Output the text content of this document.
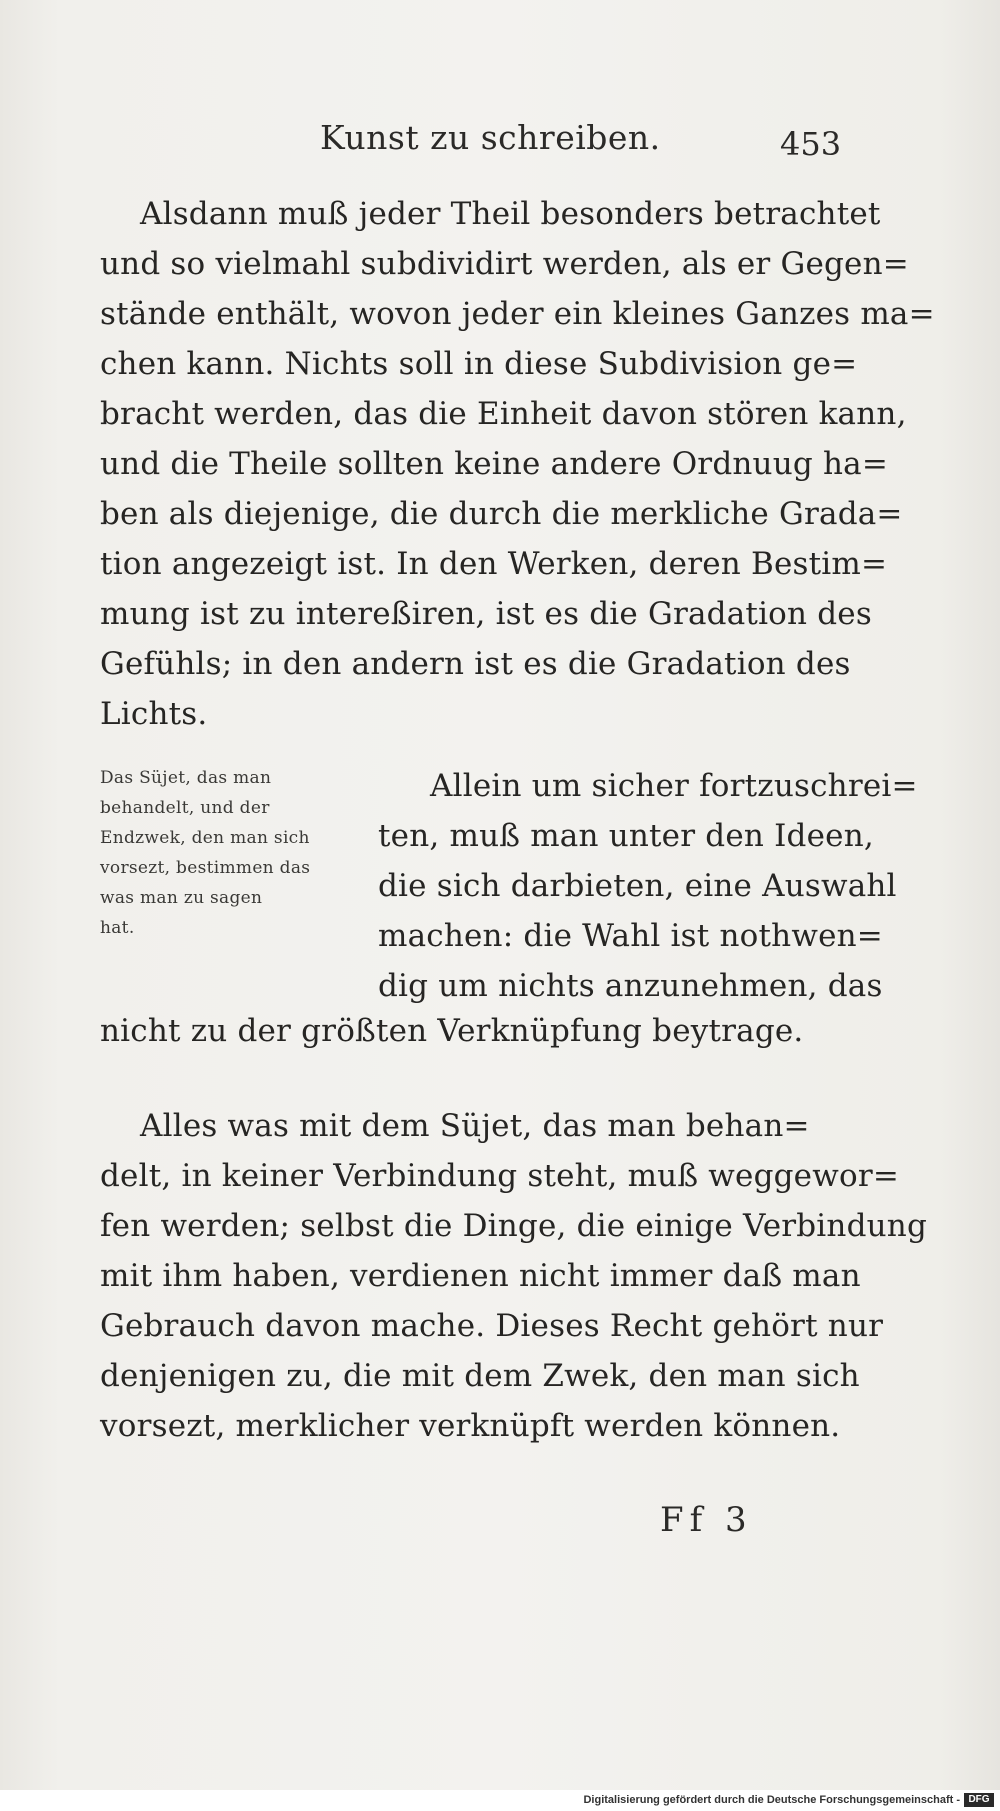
Kunst zu schreiben.	453

Alsdann muß jeder Theil besonders betrachtet

und so vielmahl subdividirt werden, als er Gegen=

stände enthält, wovon jeder ein kleines Ganzes ma=

chen kann. Nichts soll in diese Subdivision ge=

bracht werden, das die Einheit davon stören kann,

und die Theile sollten keine andere Ordnuug ha=

ben als diejenige, die durch die merkliche Grada=

tion angezeigt ist. In den Werken, deren Bestim=

mung ist zu intereßiren, ist es die Gradation des

Gefühls; in den andern ist es die Gradation des

Lichts.

Das Süjet, das man

behandelt, und der

Endzwek, den man sich

vorsezt, bestimmen das

was man zu sagen

hat.

Allein um sicher fortzuschrei=

ten, muß man unter den Ideen,

die sich darbieten, eine Auswahl

machen: die Wahl ist nothwen=

dig um nichts anzunehmen, das

nicht zu der größten Verknüpfung beytrage.

Alles was mit dem Süjet, das man behan=

delt, in keiner Verbindung steht, muß weggewor=

fen werden; selbst die Dinge, die einige Verbindung

mit ihm haben, verdienen nicht immer daß man

Gebrauch davon mache. Dieses Recht gehört nur

denjenigen zu, die mit dem Zwek, den man sich

vorsezt, merklicher verknüpft werden können.

Ff 3
Digitalisierung gefördert durch die Deutsche Forschungsgemeinschaft - DFG
